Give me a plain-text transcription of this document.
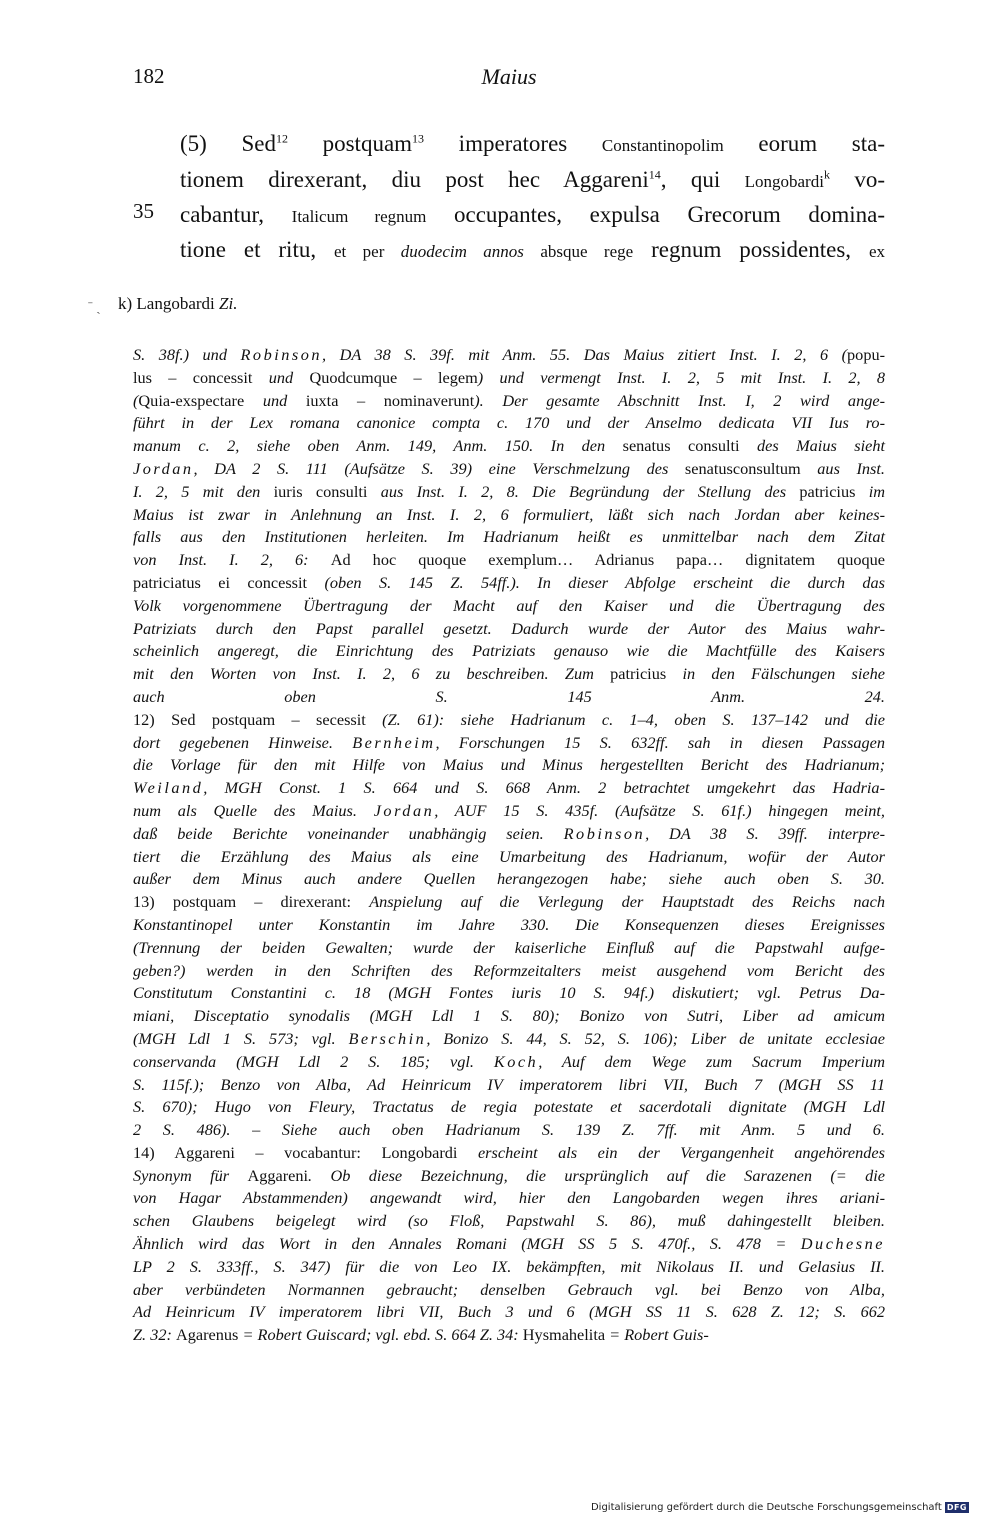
182	Maius
(5) Sed$^{12}$ postquam$^{13}$ imperatores Constantinopolim eorum sta-
tionem direxerant, diu post hec Aggareni$^{14}$, qui Longobardi$^k$ vo-
cabantur, Italicum regnum occupantes, expulsa Grecorum domina-
tione et ritu, et per duodecim annos absque rege regnum possidentes, ex
35
ˉ ˎ k) Langobardi Zi.
S. 38f.) und Robinson, DA 38 S. 39f. mit Anm. 55. Das Maius zitiert Inst. I. 2, 6 (popu-
lus – concessit und Quodcumque – legem) und vermengt Inst. I. 2, 5 mit Inst. I. 2, 8
(Quia-exspectare und iuxta – nominaverunt). Der gesamte Abschnitt Inst. I, 2 wird ange-
führt in der Lex romana canonice compta c. 170 und der Anselmo dedicata VII Ius ro-
manum c. 2, siehe oben Anm. 149, Anm. 150. In den senatus consulti des Maius sieht
Jordan, DA 2 S. 111 (Aufsätze S. 39) eine Verschmelzung des senatusconsultum aus Inst.
I. 2, 5 mit den iuris consulti aus Inst. I. 2, 8. Die Begründung der Stellung des patricius im
Maius ist zwar in Anlehnung an Inst. I. 2, 6 formuliert, läßt sich nach Jordan aber keines-
falls aus den Institutionen herleiten. Im Hadrianum heißt es unmittelbar nach dem Zitat
von Inst. I. 2, 6: Ad hoc quoque exemplum… Adrianus papa… dignitatem quoque
patriciatus ei concessit (oben S. 145 Z. 54ff.). In dieser Abfolge erscheint die durch das
Volk vorgenommene Übertragung der Macht auf den Kaiser und die Übertragung des
Patriziats durch den Papst parallel gesetzt. Dadurch wurde der Autor des Maius wahr-
scheinlich angeregt, die Einrichtung des Patriziats genauso wie die Machtfülle des Kaisers
mit den Worten von Inst. I. 2, 6 zu beschreiben. Zum patricius in den Fälschungen siehe
auch oben S. 145 Anm. 24.
12) Sed postquam – secessit (Z. 61): siehe Hadrianum c. 1–4, oben S. 137–142 und die
dort gegebenen Hinweise. Bernheim, Forschungen 15 S. 632ff. sah in diesen Passagen
die Vorlage für den mit Hilfe von Maius und Minus hergestellten Bericht des Hadrianum;
Weiland, MGH Const. 1 S. 664 und S. 668 Anm. 2 betrachtet umgekehrt das Hadria-
num als Quelle des Maius. Jordan, AUF 15 S. 435f. (Aufsätze S. 61f.) hingegen meint,
daß beide Berichte voneinander unabhängig seien. Robinson, DA 38 S. 39ff. interpre-
tiert die Erzählung des Maius als eine Umarbeitung des Hadrianum, wofür der Autor
außer dem Minus auch andere Quellen herangezogen habe; siehe auch oben S. 30.
13) postquam – direxerant: Anspielung auf die Verlegung der Hauptstadt des Reichs nach
Konstantinopel unter Konstantin im Jahre 330. Die Konsequenzen dieses Ereignisses
(Trennung der beiden Gewalten; wurde der kaiserliche Einfluß auf die Papstwahl aufge-
geben?) werden in den Schriften des Reformzeitalters meist ausgehend vom Bericht des
Constitutum Constantini c. 18 (MGH Fontes iuris 10 S. 94f.) diskutiert; vgl. Petrus Da-
miani, Disceptatio synodalis (MGH Ldl 1 S. 80); Bonizo von Sutri, Liber ad amicum
(MGH Ldl 1 S. 573; vgl. Berschin, Bonizo S. 44, S. 52, S. 106); Liber de unitate ecclesiae
conservanda (MGH Ldl 2 S. 185; vgl. Koch, Auf dem Wege zum Sacrum Imperium
S. 115f.); Benzo von Alba, Ad Heinricum IV imperatorem libri VII, Buch 7 (MGH SS 11
S. 670); Hugo von Fleury, Tractatus de regia potestate et sacerdotali dignitate (MGH Ldl
2 S. 486). – Siehe auch oben Hadrianum S. 139 Z. 7ff. mit Anm. 5 und 6.
14) Aggareni – vocabantur: Longobardi erscheint als ein der Vergangenheit angehörendes
Synonym für Aggareni. Ob diese Bezeichnung, die ursprünglich auf die Sarazenen (= die
von Hagar Abstammenden) angewandt wird, hier den Langobarden wegen ihres ariani-
schen Glaubens beigelegt wird (so Floß, Papstwahl S. 86), muß dahingestellt bleiben.
Ähnlich wird das Wort in den Annales Romani (MGH SS 5 S. 470f., S. 478 = Duchesne
LP 2 S. 333ff., S. 347) für die von Leo IX. bekämpften, mit Nikolaus II. und Gelasius II.
aber verbündeten Normannen gebraucht; denselben Gebrauch vgl. bei Benzo von Alba,
Ad Heinricum IV imperatorem libri VII, Buch 3 und 6 (MGH SS 11 S. 628 Z. 12; S. 662
Z. 32: Agarenus = Robert Guiscard; vgl. ebd. S. 664 Z. 34: Hysmahelita = Robert Guis-
Digitalisierung gefördert durch die Deutsche Forschungsgemeinschaft DFG
